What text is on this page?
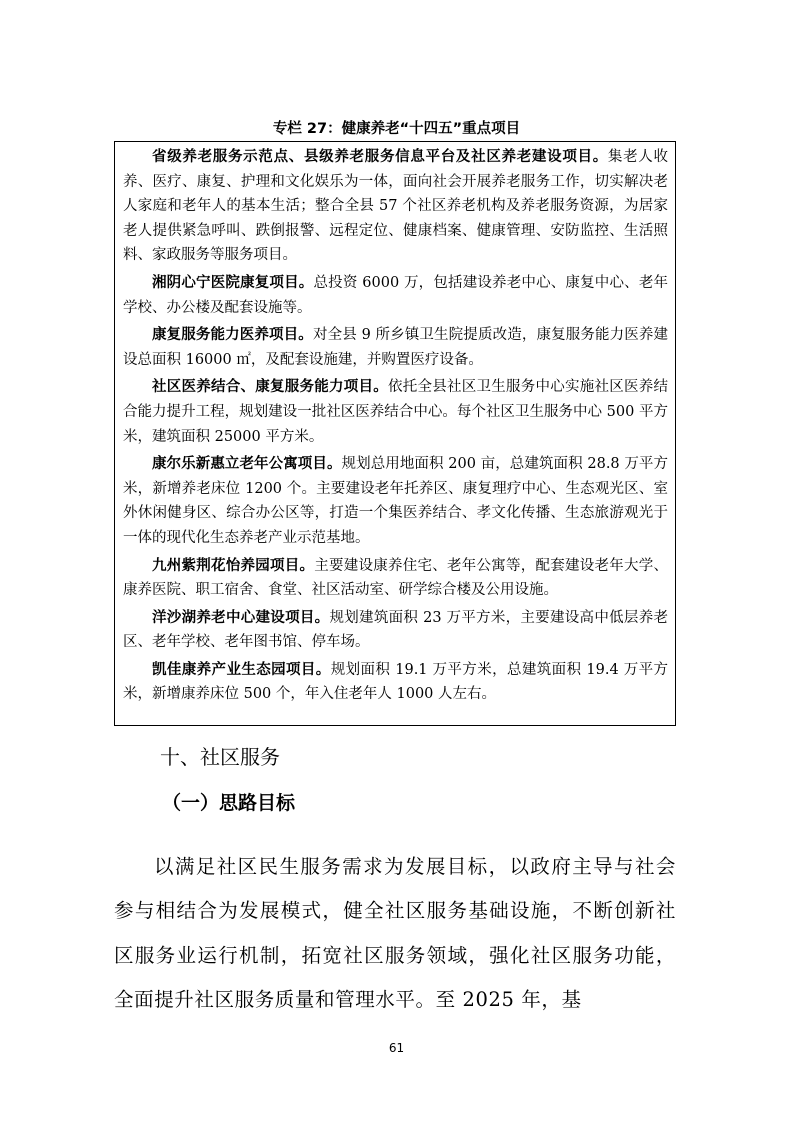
专栏 27：健康养老“十四五”重点项目

省级养老服务示范点、县级养老服务信息平台及社区养老建设项目。集老人收养、医疗、康复、护理和文化娱乐为一体，面向社会开展养老服务工作，切实解决老人家庭和老年人的基本生活；整合全县 57 个社区养老机构及养老服务资源，为居家老人提供紧急呼叫、跌倒报警、远程定位、健康档案、健康管理、安防监控、生活照料、家政服务等服务项目。

湘阴心宁医院康复项目。总投资 6000 万，包括建设养老中心、康复中心、老年学校、办公楼及配套设施等。

康复服务能力医养项目。对全县 9 所乡镇卫生院提质改造，康复服务能力医养建设总面积 16000 ㎡，及配套设施建，并购置医疗设备。

社区医养结合、康复服务能力项目。依托全县社区卫生服务中心实施社区医养结合能力提升工程，规划建设一批社区医养结合中心。每个社区卫生服务中心 500 平方米，建筑面积 25000 平方米。

康尔乐新惠立老年公寓项目。规划总用地面积 200 亩，总建筑面积 28.8 万平方米，新增养老床位 1200 个。主要建设老年托养区、康复理疗中心、生态观光区、室外休闲健身区、综合办公区等，打造一个集医养结合、孝文化传播、生态旅游观光于一体的现代化生态养老产业示范基地。

九州紫荆花怡养园项目。主要建设康养住宅、老年公寓等，配套建设老年大学、康养医院、职工宿舍、食堂、社区活动室、研学综合楼及公用设施。

洋沙湖养老中心建设项目。规划建筑面积 23 万平方米，主要建设高中低层养老区、老年学校、老年图书馆、停车场。

凯佳康养产业生态园项目。规划面积 19.1 万平方米，总建筑面积 19.4 万平方米，新增康养床位 500 个，年入住老年人 1000 人左右。

十、社区服务
（一）思路目标

以满足社区民生服务需求为发展目标，以政府主导与社会参与相结合为发展模式，健全社区服务基础设施，不断创新社区服务业运行机制，拓宽社区服务领域，强化社区服务功能，全面提升社区服务质量和管理水平。至 2025 年，基

61
